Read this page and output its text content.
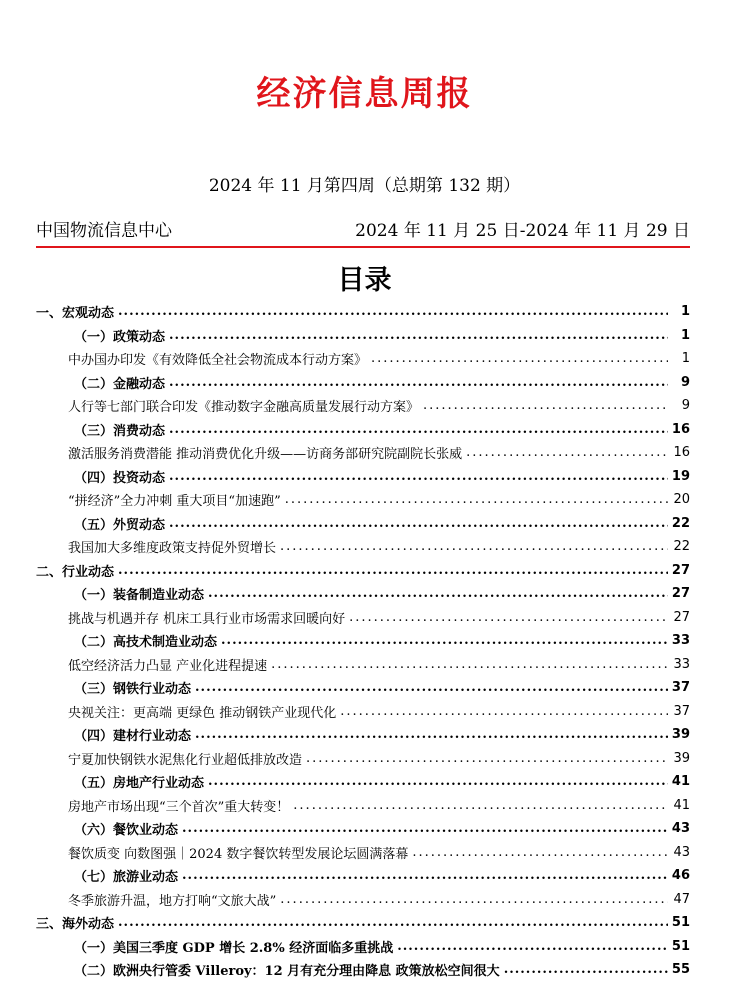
经济信息周报
2024 年 11 月第四周（总期第 132 期）
中国物流信息中心	2024 年 11 月 25 日-2024 年 11 月 29 日
目录
一、宏观动态 .....	1
（一）政策动态 .....	1
中办国办印发《有效降低全社会物流成本行动方案》 .....	1
（二）金融动态 .....	9
人行等七部门联合印发《推动数字金融高质量发展行动方案》 .....	9
（三）消费动态 .....	16
激活服务消费潜能 推动消费优化升级——访商务部研究院副院长张威 .....	16
（四）投资动态 .....	19
“拼经济”全力冲刺 重大项目“加速跑” .....	20
（五）外贸动态 .....	22
我国加大多维度政策支持促外贸增长 .....	22
二、行业动态 .....	27
（一）装备制造业动态 .....	27
挑战与机遇并存 机床工具行业市场需求回暖向好 .....	27
（二）高技术制造业动态 .....	33
低空经济活力凸显 产业化进程提速 .....	33
（三）钢铁行业动态 .....	37
央视关注：更高端 更绿色 推动钢铁产业现代化 .....	37
（四）建材行业动态 .....	39
宁夏加快钢铁水泥焦化行业超低排放改造 .....	39
（五）房地产行业动态 .....	41
房地产市场出现“三个首次”重大转变！ .....	41
（六）餐饮业动态 .....	43
餐饮质变 向数图强｜2024 数字餐饮转型发展论坛圆满落幕 .....	43
（七）旅游业动态 .....	46
冬季旅游升温，地方打响“文旅大战” .....	47
三、海外动态 .....	51
（一）美国三季度 GDP 增长 2.8% 经济面临多重挑战 .....	51
（二）欧洲央行管委 Villeroy：12 月有充分理由降息 政策放松空间很大 .....	55
